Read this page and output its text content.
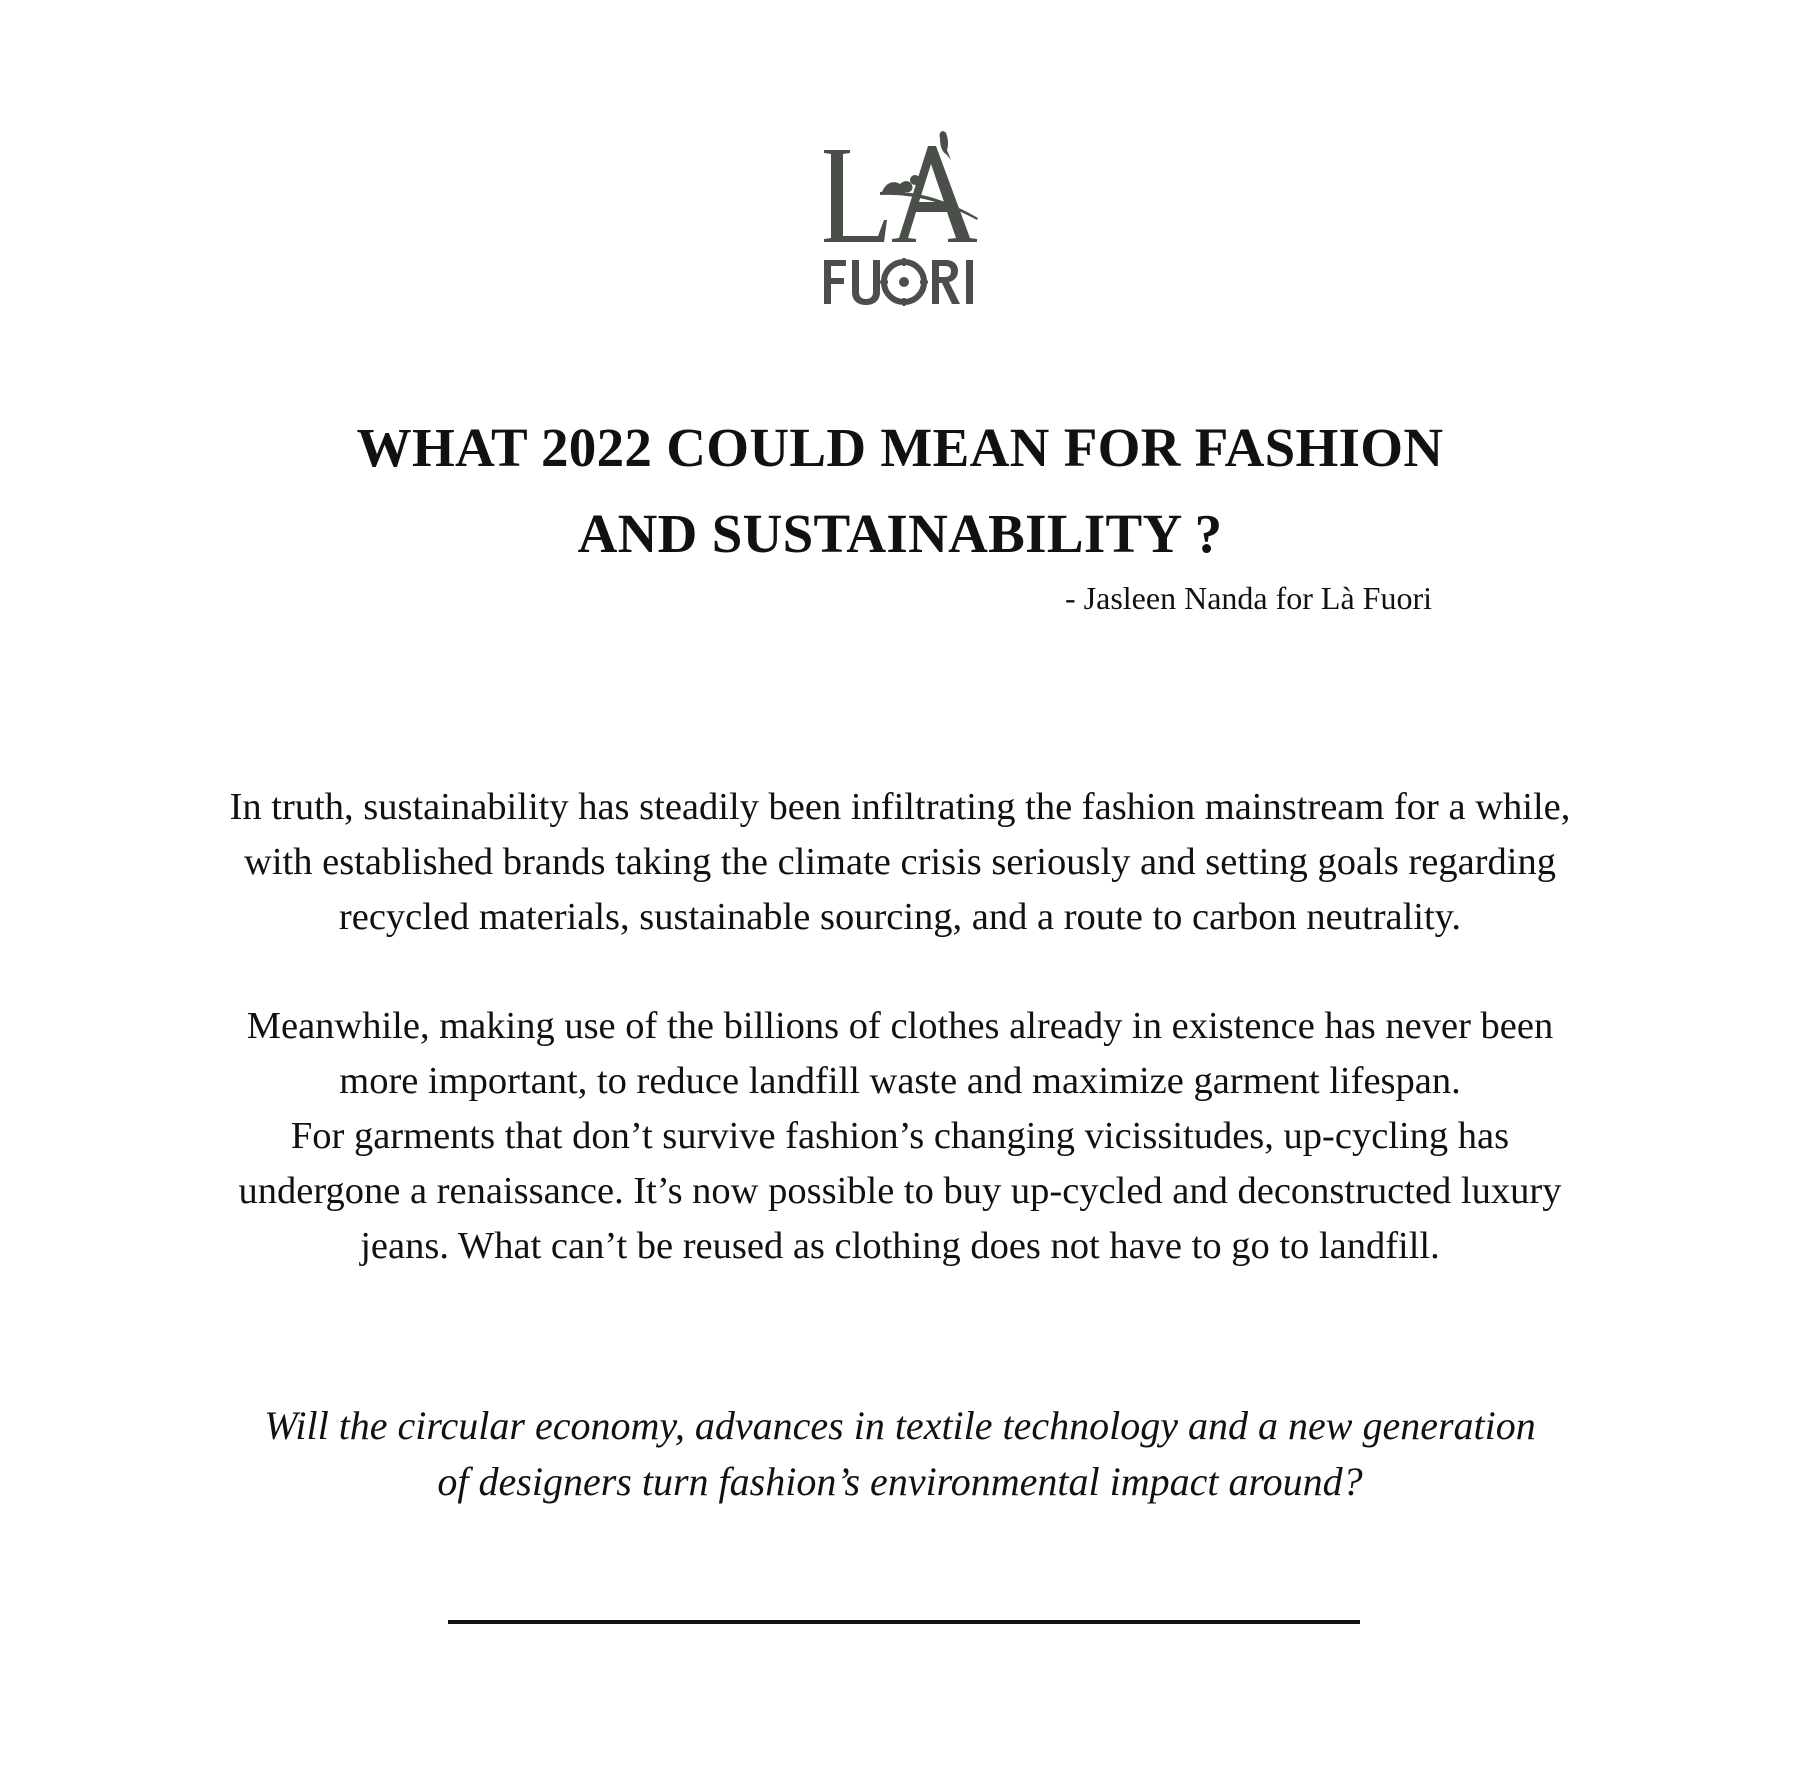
WHAT 2022 COULD MEAN FOR FASHION
AND SUSTAINABILITY ?
- Jasleen Nanda for Là Fuori

In truth, sustainability has steadily been infiltrating the fashion mainstream for a while,
with established brands taking the climate crisis seriously and setting goals regarding
recycled materials, sustainable sourcing, and a route to carbon neutrality.

Meanwhile, making use of the billions of clothes already in existence has never been
more important, to reduce landfill waste and maximize garment lifespan.
For garments that don’t survive fashion’s changing vicissitudes, up-cycling has
undergone a renaissance. It’s now possible to buy up-cycled and deconstructed luxury
jeans. What can’t be reused as clothing does not have to go to landfill.

Will the circular economy, advances in textile technology and a new generation
of designers turn fashion’s environmental impact around?
